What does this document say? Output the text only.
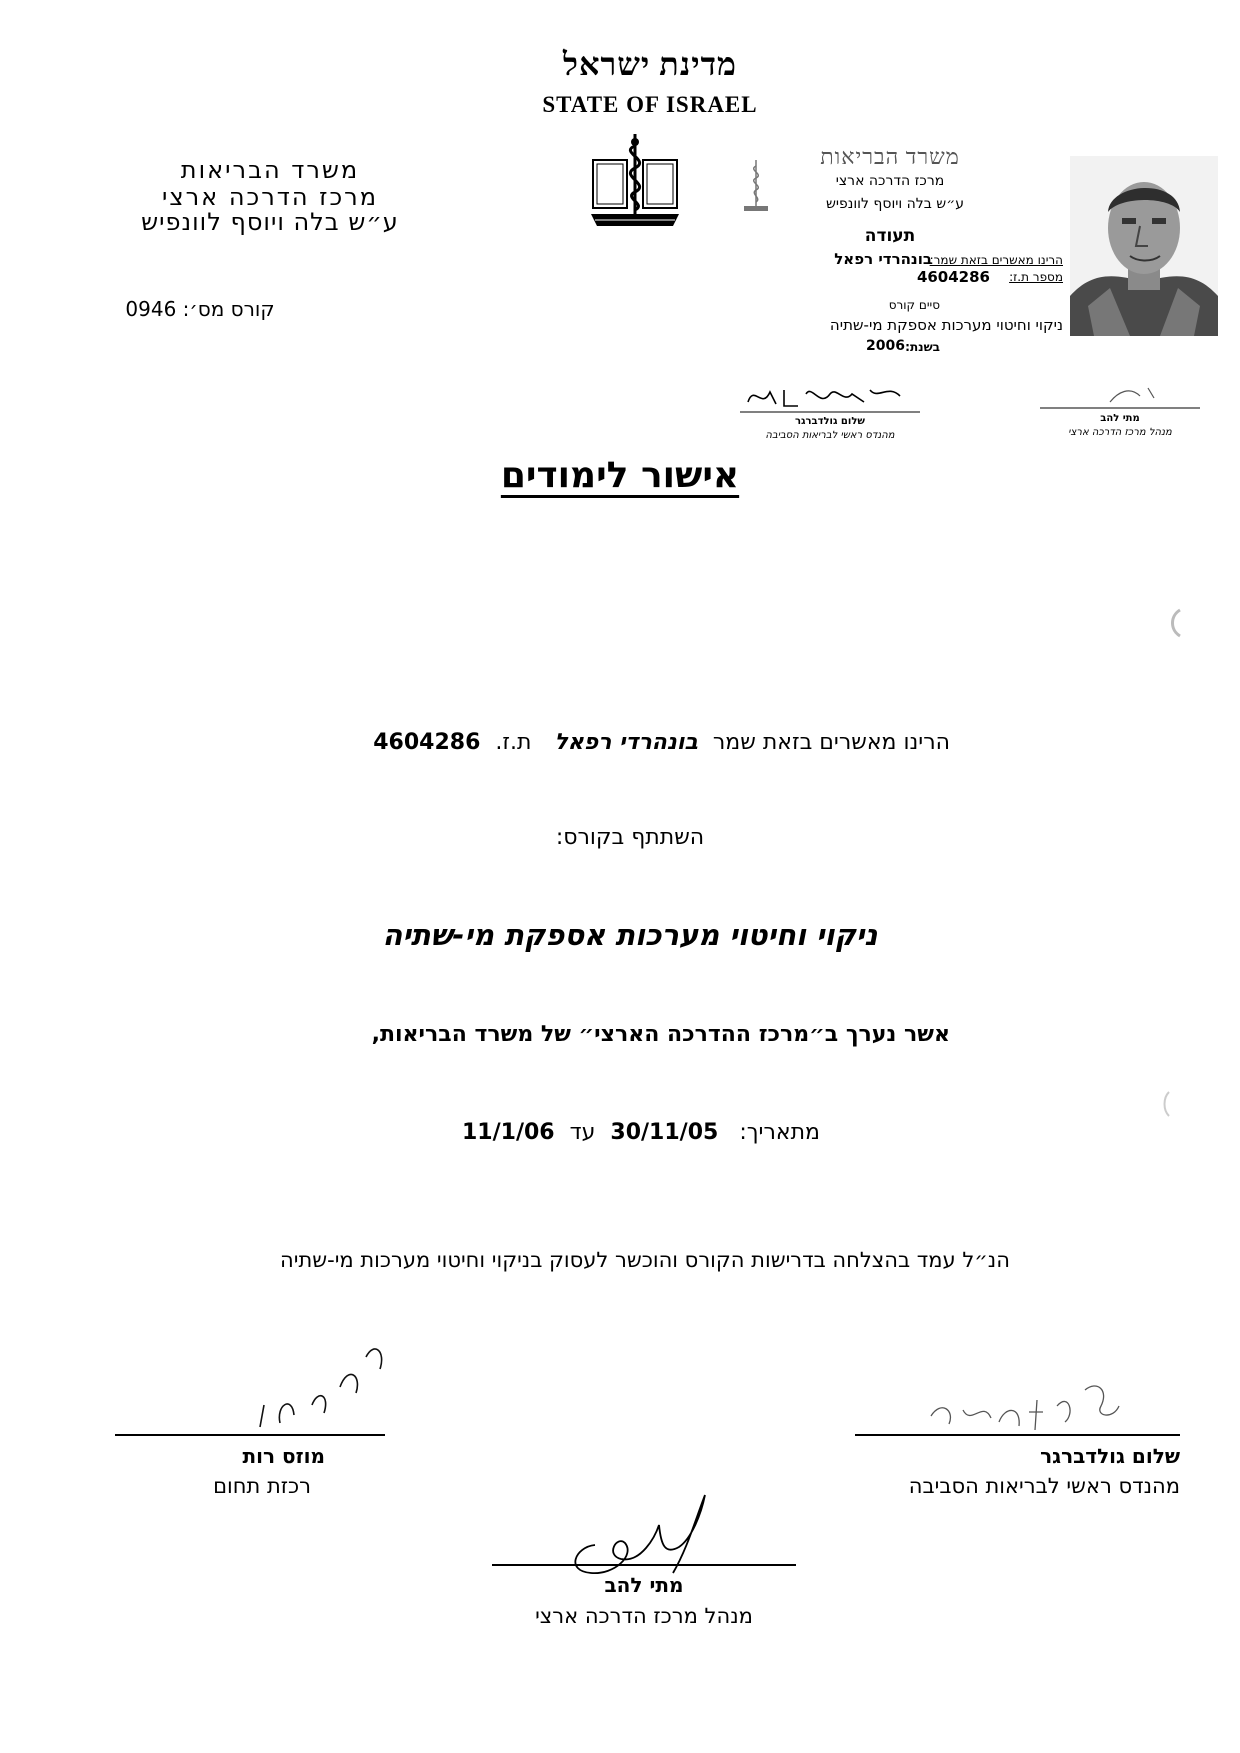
מדינת ישראל
STATE OF ISRAEL
משרד הבריאות
מרכז הדרכה ארצי
ע״ש בלה ויוסף לוונפיש
קורס מס׳: 0946
משרד הבריאות
מרכז הדרכה ארצי
ע״ש בלה ויוסף לוונפיש
תעודה
הרינו מאשרים בזאת שמר:
בונהרדי רפאל
מספר ת.ז:
4604286
סיים קורס
ניקוי וחיטוי מערכות אספקת מי-שתיה
בשנת:
2006
שלום גולדברגר
מהנדס ראשי לבריאות הסביבה
מתי להב
מנהל מרכז הדרכה ארצי
אישור לימודים
הרינו מאשרים בזאת שמר בונהרדי רפאל ת.ז. 4604286
השתתף בקורס:
ניקוי וחיטוי מערכות אספקת מי-שתיה
אשר נערך ב״מרכז ההדרכה הארצי״ של משרד הבריאות,
מתאריך: 30/11/05 עד 11/1/06
הנ״ל עמד בהצלחה בדרישות הקורס והוכשר לעסוק בניקוי וחיטוי מערכות מי-שתיה
מוזס רות
רכזת תחום
שלום גולדברגר
מהנדס ראשי לבריאות הסביבה
מתי להב
מנהל מרכז הדרכה ארצי
